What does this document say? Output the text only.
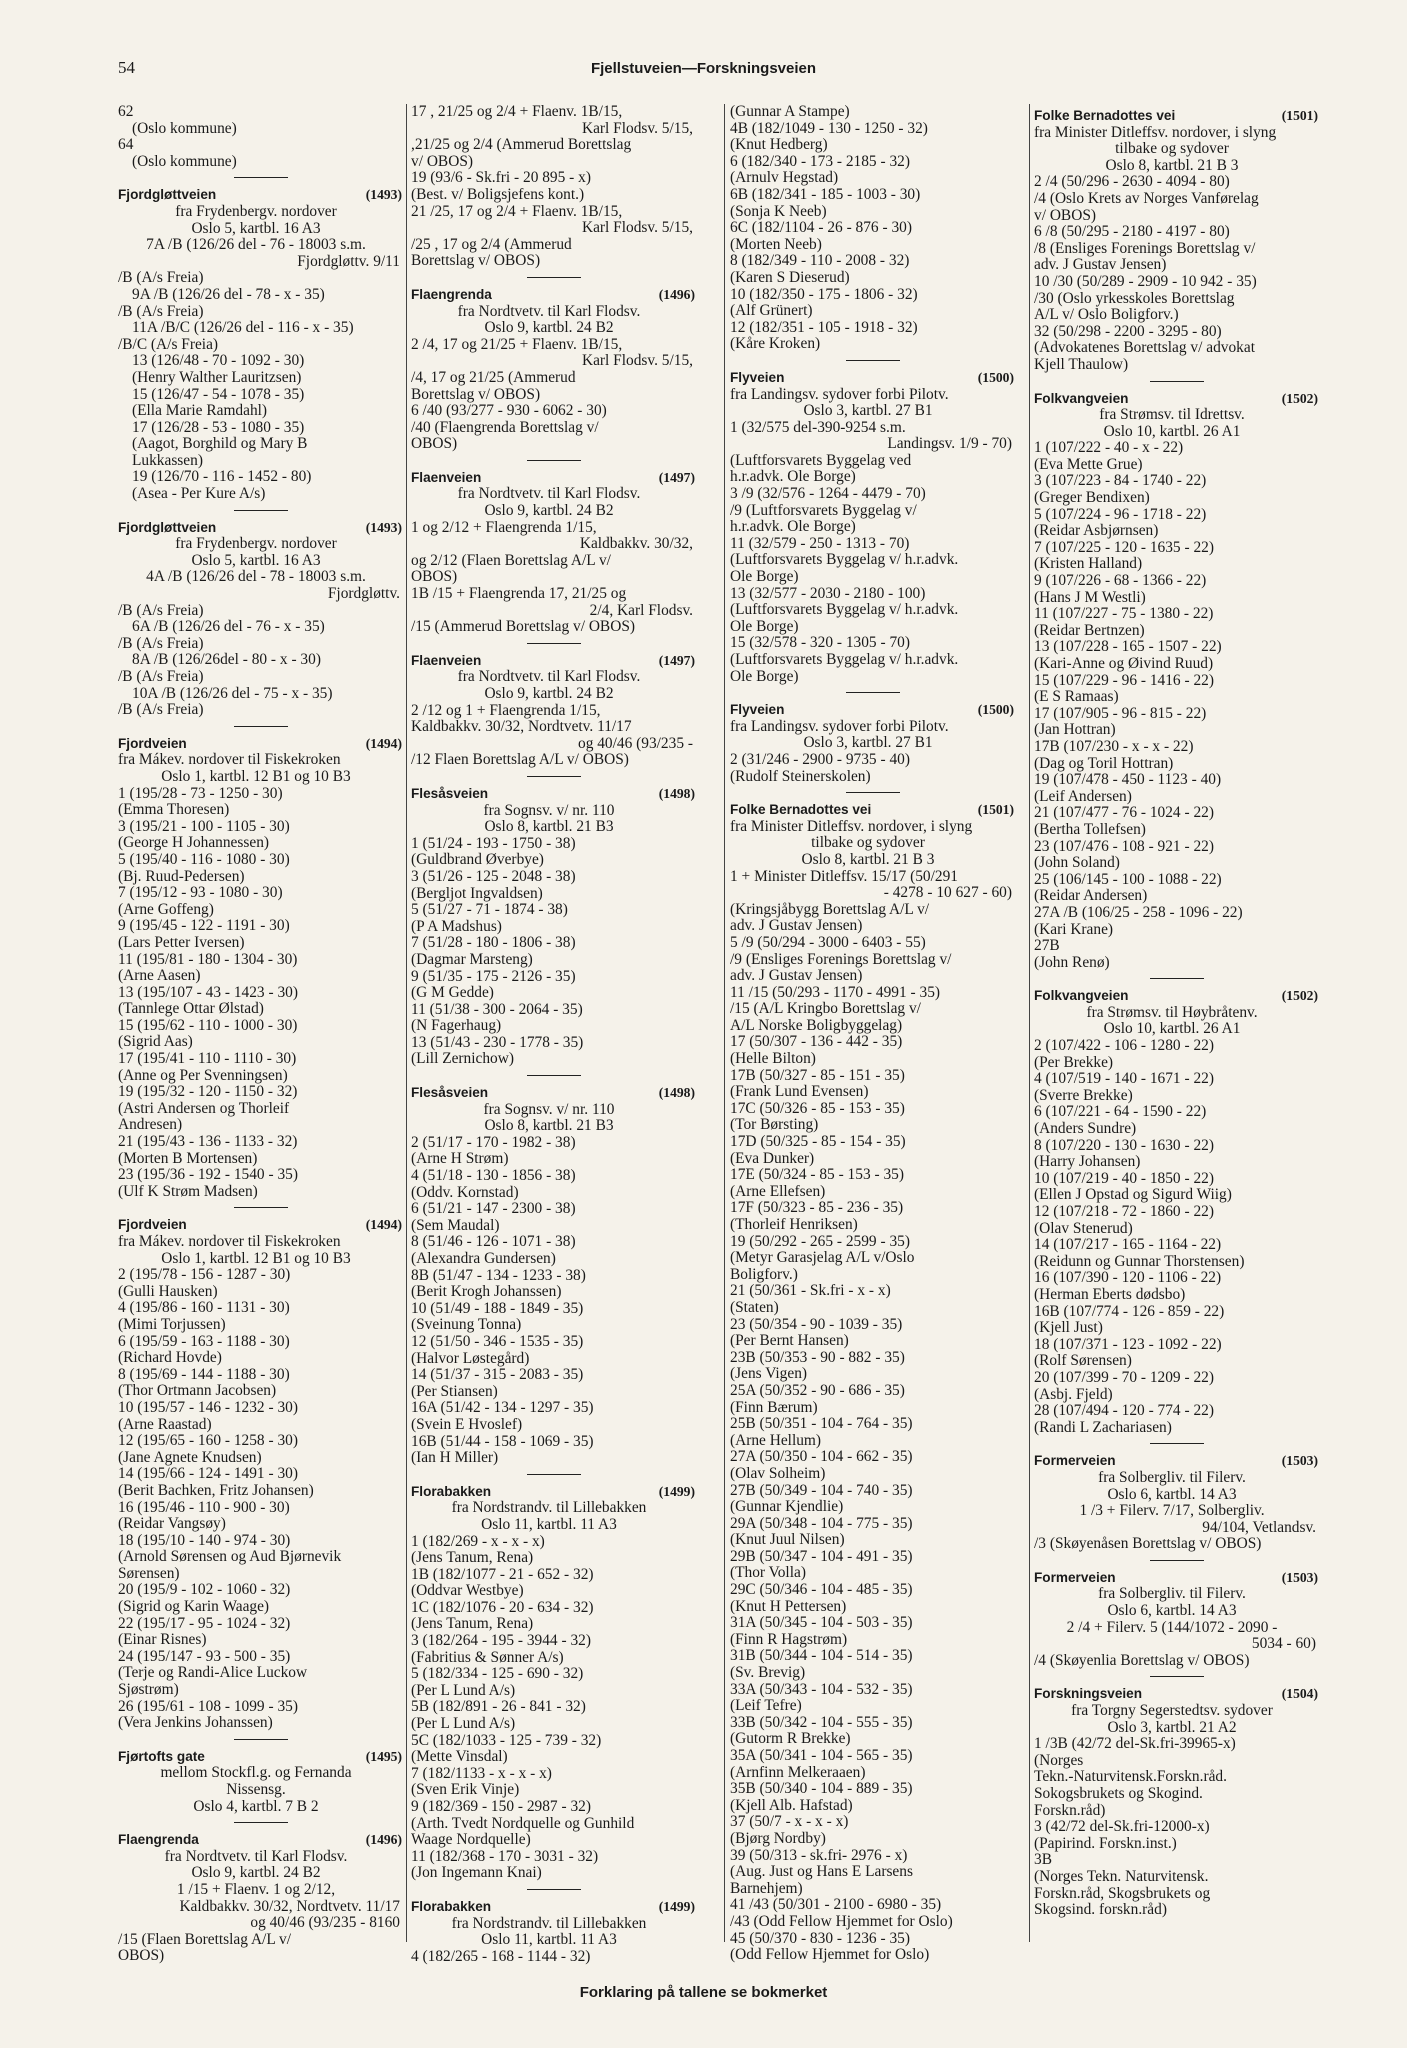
54	Fjellstuveien—Forskningsveien
62
(Oslo kommune)
64
(Oslo kommune)
Fjordgløttveien	(1493)
fra Frydenbergv. nordover
Oslo 5, kartbl. 16 A3
7A /B (126/26 del - 76 - 18003 s.m.
Fjordgløttv. 9/11
/B (A/s Freia)
9A /B (126/26 del - 78 - x - 35)
/B (A/s Freia)
11A /B/C (126/26 del - 116 - x - 35)
/B/C (A/s Freia)
13 (126/48 - 70 - 1092 - 30)
(Henry Walther Lauritzsen)
15 (126/47 - 54 - 1078 - 35)
(Ella Marie Ramdahl)
17 (126/28 - 53 - 1080 - 35)
(Aagot, Borghild og Mary B
Lukkassen)
19 (126/70 - 116 - 1452 - 80)
(Asea - Per Kure A/s)
Fjordgløttveien	(1493)
fra Frydenbergv. nordover
Oslo 5, kartbl. 16 A3
4A /B (126/26 del - 78 - 18003 s.m.
Fjordgløttv.
/B (A/s Freia)
6A /B (126/26 del - 76 - x - 35)
/B (A/s Freia)
8A /B (126/26del - 80 - x - 30)
/B (A/s Freia)
10A /B (126/26 del - 75 - x - 35)
/B (A/s Freia)
Fjordveien	(1494)
fra Mákev. nordover til Fiskekroken
Oslo 1, kartbl. 12 B1 og 10 B3
1 (195/28 - 73 - 1250 - 30)
(Emma Thoresen)
3 (195/21 - 100 - 1105 - 30)
(George H Johannessen)
5 (195/40 - 116 - 1080 - 30)
(Bj. Ruud-Pedersen)
7 (195/12 - 93 - 1080 - 30)
(Arne Goffeng)
9 (195/45 - 122 - 1191 - 30)
(Lars Petter Iversen)
11 (195/81 - 180 - 1304 - 30)
(Arne Aasen)
13 (195/107 - 43 - 1423 - 30)
(Tannlege Ottar Ølstad)
15 (195/62 - 110 - 1000 - 30)
(Sigrid Aas)
17 (195/41 - 110 - 1110 - 30)
(Anne og Per Svenningsen)
19 (195/32 - 120 - 1150 - 32)
(Astri Andersen og Thorleif
Andresen)
21 (195/43 - 136 - 1133 - 32)
(Morten B Mortensen)
23 (195/36 - 192 - 1540 - 35)
(Ulf K Strøm Madsen)
Fjordveien	(1494)
fra Mákev. nordover til Fiskekroken
Oslo 1, kartbl. 12 B1 og 10 B3
2 (195/78 - 156 - 1287 - 30)
(Gulli Hausken)
4 (195/86 - 160 - 1131 - 30)
(Mimi Torjussen)
6 (195/59 - 163 - 1188 - 30)
(Richard Hovde)
8 (195/69 - 144 - 1188 - 30)
(Thor Ortmann Jacobsen)
10 (195/57 - 146 - 1232 - 30)
(Arne Raastad)
12 (195/65 - 160 - 1258 - 30)
(Jane Agnete Knudsen)
14 (195/66 - 124 - 1491 - 30)
(Berit Bachken, Fritz Johansen)
16 (195/46 - 110 - 900 - 30)
(Reidar Vangsøy)
18 (195/10 - 140 - 974 - 30)
(Arnold Sørensen og Aud Bjørnevik
Sørensen)
20 (195/9 - 102 - 1060 - 32)
(Sigrid og Karin Waage)
22 (195/17 - 95 - 1024 - 32)
(Einar Risnes)
24 (195/147 - 93 - 500 - 35)
(Terje og Randi-Alice Luckow
Sjøstrøm)
26 (195/61 - 108 - 1099 - 35)
(Vera Jenkins Johanssen)
Fjørtofts gate	(1495)
mellom Stockfl.g. og Fernanda
Nissensg.
Oslo 4, kartbl. 7 B 2
Flaengrenda	(1496)
fra Nordtvetv. til Karl Flodsv.
Oslo 9, kartbl. 24 B2
1 /15 + Flaenv. 1 og 2/12,
Kaldbakkv. 30/32, Nordtvetv. 11/17
og 40/46 (93/235 - 8160
/15 (Flaen Borettslag A/L v/
OBOS)
17 , 21/25 og 2/4 + Flaenv. 1B/15,
Karl Flodsv. 5/15,
,21/25 og 2/4 (Ammerud Borettslag
v/ OBOS)
19 (93/6 - Sk.fri - 20 895 - x)
(Best. v/ Boligsjefens kont.)
21 /25, 17 og 2/4 + Flaenv. 1B/15,
Karl Flodsv. 5/15,
/25 , 17 og 2/4 (Ammerud
Borettslag v/ OBOS)
Flaengrenda	(1496)
fra Nordtvetv. til Karl Flodsv.
Oslo 9, kartbl. 24 B2
2 /4, 17 og 21/25 + Flaenv. 1B/15,
Karl Flodsv. 5/15,
/4, 17 og 21/25 (Ammerud
Borettslag v/ OBOS)
6 /40 (93/277 - 930 - 6062 - 30)
/40 (Flaengrenda Borettslag v/
OBOS)
Flaenveien	(1497)
fra Nordtvetv. til Karl Flodsv.
Oslo 9, kartbl. 24 B2
1 og 2/12 + Flaengrenda 1/15,
Kaldbakkv. 30/32,
og 2/12 (Flaen Borettslag A/L v/
OBOS)
1B /15 + Flaengrenda 17, 21/25 og
2/4, Karl Flodsv.
/15 (Ammerud Borettslag v/ OBOS)
Flaenveien	(1497)
fra Nordtvetv. til Karl Flodsv.
Oslo 9, kartbl. 24 B2
2 /12 og 1 + Flaengrenda 1/15,
Kaldbakkv. 30/32, Nordtvetv. 11/17
og 40/46 (93/235 -
/12 Flaen Borettslag A/L v/ OBOS)
Flesåsveien	(1498)
fra Sognsv. v/ nr. 110
Oslo 8, kartbl. 21 B3
1 (51/24 - 193 - 1750 - 38)
(Guldbrand Øverbye)
3 (51/26 - 125 - 2048 - 38)
(Bergljot Ingvaldsen)
5 (51/27 - 71 - 1874 - 38)
(P A Madshus)
7 (51/28 - 180 - 1806 - 38)
(Dagmar Marsteng)
9 (51/35 - 175 - 2126 - 35)
(G M Gedde)
11 (51/38 - 300 - 2064 - 35)
(N Fagerhaug)
13 (51/43 - 230 - 1778 - 35)
(Lill Zernichow)
Flesåsveien	(1498)
fra Sognsv. v/ nr. 110
Oslo 8, kartbl. 21 B3
2 (51/17 - 170 - 1982 - 38)
(Arne H Strøm)
4 (51/18 - 130 - 1856 - 38)
(Oddv. Kornstad)
6 (51/21 - 147 - 2300 - 38)
(Sem Maudal)
8 (51/46 - 126 - 1071 - 38)
(Alexandra Gundersen)
8B (51/47 - 134 - 1233 - 38)
(Berit Krogh Johanssen)
10 (51/49 - 188 - 1849 - 35)
(Sveinung Tonna)
12 (51/50 - 346 - 1535 - 35)
(Halvor Løstegård)
14 (51/37 - 315 - 2083 - 35)
(Per Stiansen)
16A (51/42 - 134 - 1297 - 35)
(Svein E Hvoslef)
16B (51/44 - 158 - 1069 - 35)
(Ian H Miller)
Florabakken	(1499)
fra Nordstrandv. til Lillebakken
Oslo 11, kartbl. 11 A3
1 (182/269 - x - x - x)
(Jens Tanum, Rena)
1B (182/1077 - 21 - 652 - 32)
(Oddvar Westbye)
1C (182/1076 - 20 - 634 - 32)
(Jens Tanum, Rena)
3 (182/264 - 195 - 3944 - 32)
(Fabritius & Sønner A/s)
5 (182/334 - 125 - 690 - 32)
(Per L Lund A/s)
5B (182/891 - 26 - 841 - 32)
(Per L Lund A/s)
5C (182/1033 - 125 - 739 - 32)
(Mette Vinsdal)
7 (182/1133 - x - x - x)
(Sven Erik Vinje)
9 (182/369 - 150 - 2987 - 32)
(Arth. Tvedt Nordquelle og Gunhild
Waage Nordquelle)
11 (182/368 - 170 - 3031 - 32)
(Jon Ingemann Knai)
Florabakken	(1499)
fra Nordstrandv. til Lillebakken
Oslo 11, kartbl. 11 A3
4 (182/265 - 168 - 1144 - 32)
(Gunnar A Stampe)
4B (182/1049 - 130 - 1250 - 32)
(Knut Hedberg)
6 (182/340 - 173 - 2185 - 32)
(Arnulv Hegstad)
6B (182/341 - 185 - 1003 - 30)
(Sonja K Neeb)
6C (182/1104 - 26 - 876 - 30)
(Morten Neeb)
8 (182/349 - 110 - 2008 - 32)
(Karen S Dieserud)
10 (182/350 - 175 - 1806 - 32)
(Alf Grünert)
12 (182/351 - 105 - 1918 - 32)
(Kåre Kroken)
Flyveien	(1500)
fra Landingsv. sydover forbi Pilotv.
Oslo 3, kartbl. 27 B1
1 (32/575 del-390-9254 s.m.
Landingsv. 1/9 - 70)
(Luftforsvarets Byggelag ved
h.r.advk. Ole Borge)
3 /9 (32/576 - 1264 - 4479 - 70)
/9 (Luftforsvarets Byggelag v/
h.r.advk. Ole Borge)
11 (32/579 - 250 - 1313 - 70)
(Luftforsvarets Byggelag v/ h.r.advk.
Ole Borge)
13 (32/577 - 2030 - 2180 - 100)
(Luftforsvarets Byggelag v/ h.r.advk.
Ole Borge)
15 (32/578 - 320 - 1305 - 70)
(Luftforsvarets Byggelag v/ h.r.advk.
Ole Borge)
Flyveien	(1500)
fra Landingsv. sydover forbi Pilotv.
Oslo 3, kartbl. 27 B1
2 (31/246 - 2900 - 9735 - 40)
(Rudolf Steinerskolen)
Folke Bernadottes vei	(1501)
fra Minister Ditleffsv. nordover, i slyng
tilbake og sydover
Oslo 8, kartbl. 21 B 3
1 + Minister Ditleffsv. 15/17 (50/291
- 4278 - 10 627 - 60)
(Kringsjåbygg Borettslag A/L v/
adv. J Gustav Jensen)
5 /9 (50/294 - 3000 - 6403 - 55)
/9 (Ensliges Forenings Borettslag v/
adv. J Gustav Jensen)
11 /15 (50/293 - 1170 - 4991 - 35)
/15 (A/L Kringbo Borettslag v/
A/L Norske Boligbyggelag)
17 (50/307 - 136 - 442 - 35)
(Helle Bilton)
17B (50/327 - 85 - 151 - 35)
(Frank Lund Evensen)
17C (50/326 - 85 - 153 - 35)
(Tor Børsting)
17D (50/325 - 85 - 154 - 35)
(Eva Dunker)
17E (50/324 - 85 - 153 - 35)
(Arne Ellefsen)
17F (50/323 - 85 - 236 - 35)
(Thorleif Henriksen)
19 (50/292 - 265 - 2599 - 35)
(Metyr Garasjelag A/L v/Oslo
Boligforv.)
21 (50/361 - Sk.fri - x - x)
(Staten)
23 (50/354 - 90 - 1039 - 35)
(Per Bernt Hansen)
23B (50/353 - 90 - 882 - 35)
(Jens Vigen)
25A (50/352 - 90 - 686 - 35)
(Finn Bærum)
25B (50/351 - 104 - 764 - 35)
(Arne Hellum)
27A (50/350 - 104 - 662 - 35)
(Olav Solheim)
27B (50/349 - 104 - 740 - 35)
(Gunnar Kjendlie)
29A (50/348 - 104 - 775 - 35)
(Knut Juul Nilsen)
29B (50/347 - 104 - 491 - 35)
(Thor Volla)
29C (50/346 - 104 - 485 - 35)
(Knut H Pettersen)
31A (50/345 - 104 - 503 - 35)
(Finn R Hagstrøm)
31B (50/344 - 104 - 514 - 35)
(Sv. Brevig)
33A (50/343 - 104 - 532 - 35)
(Leif Tefre)
33B (50/342 - 104 - 555 - 35)
(Gutorm R Brekke)
35A (50/341 - 104 - 565 - 35)
(Arnfinn Melkeraaen)
35B (50/340 - 104 - 889 - 35)
(Kjell Alb. Hafstad)
37 (50/7 - x - x - x)
(Bjørg Nordby)
39 (50/313 - sk.fri- 2976 - x)
(Aug. Just og Hans E Larsens
Barnehjem)
41 /43 (50/301 - 2100 - 6980 - 35)
/43 (Odd Fellow Hjemmet for Oslo)
45 (50/370 - 830 - 1236 - 35)
(Odd Fellow Hjemmet for Oslo)
Folke Bernadottes vei	(1501)
fra Minister Ditleffsv. nordover, i slyng
tilbake og sydover
Oslo 8, kartbl. 21 B 3
2 /4 (50/296 - 2630 - 4094 - 80)
/4 (Oslo Krets av Norges Vanførelag
v/ OBOS)
6 /8 (50/295 - 2180 - 4197 - 80)
/8 (Ensliges Forenings Borettslag v/
adv. J Gustav Jensen)
10 /30 (50/289 - 2909 - 10 942 - 35)
/30 (Oslo yrkesskoles Borettslag
A/L v/ Oslo Boligforv.)
32 (50/298 - 2200 - 3295 - 80)
(Advokatenes Borettslag v/ advokat
Kjell Thaulow)
Folkvangveien	(1502)
fra Strømsv. til Idrettsv.
Oslo 10, kartbl. 26 A1
1 (107/222 - 40 - x - 22)
(Eva Mette Grue)
3 (107/223 - 84 - 1740 - 22)
(Greger Bendixen)
5 (107/224 - 96 - 1718 - 22)
(Reidar Asbjørnsen)
7 (107/225 - 120 - 1635 - 22)
(Kristen Halland)
9 (107/226 - 68 - 1366 - 22)
(Hans J M Westli)
11 (107/227 - 75 - 1380 - 22)
(Reidar Bertnzen)
13 (107/228 - 165 - 1507 - 22)
(Kari-Anne og Øivind Ruud)
15 (107/229 - 96 - 1416 - 22)
(E S Ramaas)
17 (107/905 - 96 - 815 - 22)
(Jan Hottran)
17B (107/230 - x - x - 22)
(Dag og Toril Hottran)
19 (107/478 - 450 - 1123 - 40)
(Leif Andersen)
21 (107/477 - 76 - 1024 - 22)
(Bertha Tollefsen)
23 (107/476 - 108 - 921 - 22)
(John Soland)
25 (106/145 - 100 - 1088 - 22)
(Reidar Andersen)
27A /B (106/25 - 258 - 1096 - 22)
(Kari Krane)
27B
(John Renø)
Folkvangveien	(1502)
fra Strømsv. til Høybråtenv.
Oslo 10, kartbl. 26 A1
2 (107/422 - 106 - 1280 - 22)
(Per Brekke)
4 (107/519 - 140 - 1671 - 22)
(Sverre Brekke)
6 (107/221 - 64 - 1590 - 22)
(Anders Sundre)
8 (107/220 - 130 - 1630 - 22)
(Harry Johansen)
10 (107/219 - 40 - 1850 - 22)
(Ellen J Opstad og Sigurd Wiig)
12 (107/218 - 72 - 1860 - 22)
(Olav Stenerud)
14 (107/217 - 165 - 1164 - 22)
(Reidunn og Gunnar Thorstensen)
16 (107/390 - 120 - 1106 - 22)
(Herman Eberts dødsbo)
16B (107/774 - 126 - 859 - 22)
(Kjell Just)
18 (107/371 - 123 - 1092 - 22)
(Rolf Sørensen)
20 (107/399 - 70 - 1209 - 22)
(Asbj. Fjeld)
28 (107/494 - 120 - 774 - 22)
(Randi L Zachariasen)
Formerveien	(1503)
fra Solbergliv. til Filerv.
Oslo 6, kartbl. 14 A3
1 /3 + Filerv. 7/17, Solbergliv.
94/104, Vetlandsv.
/3 (Skøyenåsen Borettslag v/ OBOS)
Formerveien	(1503)
fra Solbergliv. til Filerv.
Oslo 6, kartbl. 14 A3
2 /4 + Filerv. 5 (144/1072 - 2090 -
5034 - 60)
/4 (Skøyenlia Borettslag v/ OBOS)
Forskningsveien	(1504)
fra Torgny Segerstedtsv. sydover
Oslo 3, kartbl. 21 A2
1 /3B (42/72 del-Sk.fri-39965-x)
(Norges
Tekn.-Naturvitensk.Forskn.råd.
Sokogsbrukets og Skogind.
Forskn.råd)
3 (42/72 del-Sk.fri-12000-x)
(Papirind. Forskn.inst.)
3B
(Norges Tekn. Naturvitensk.
Forskn.råd, Skogsbrukets og
Skogsind. forskn.råd)
Forklaring på tallene se bokmerket
